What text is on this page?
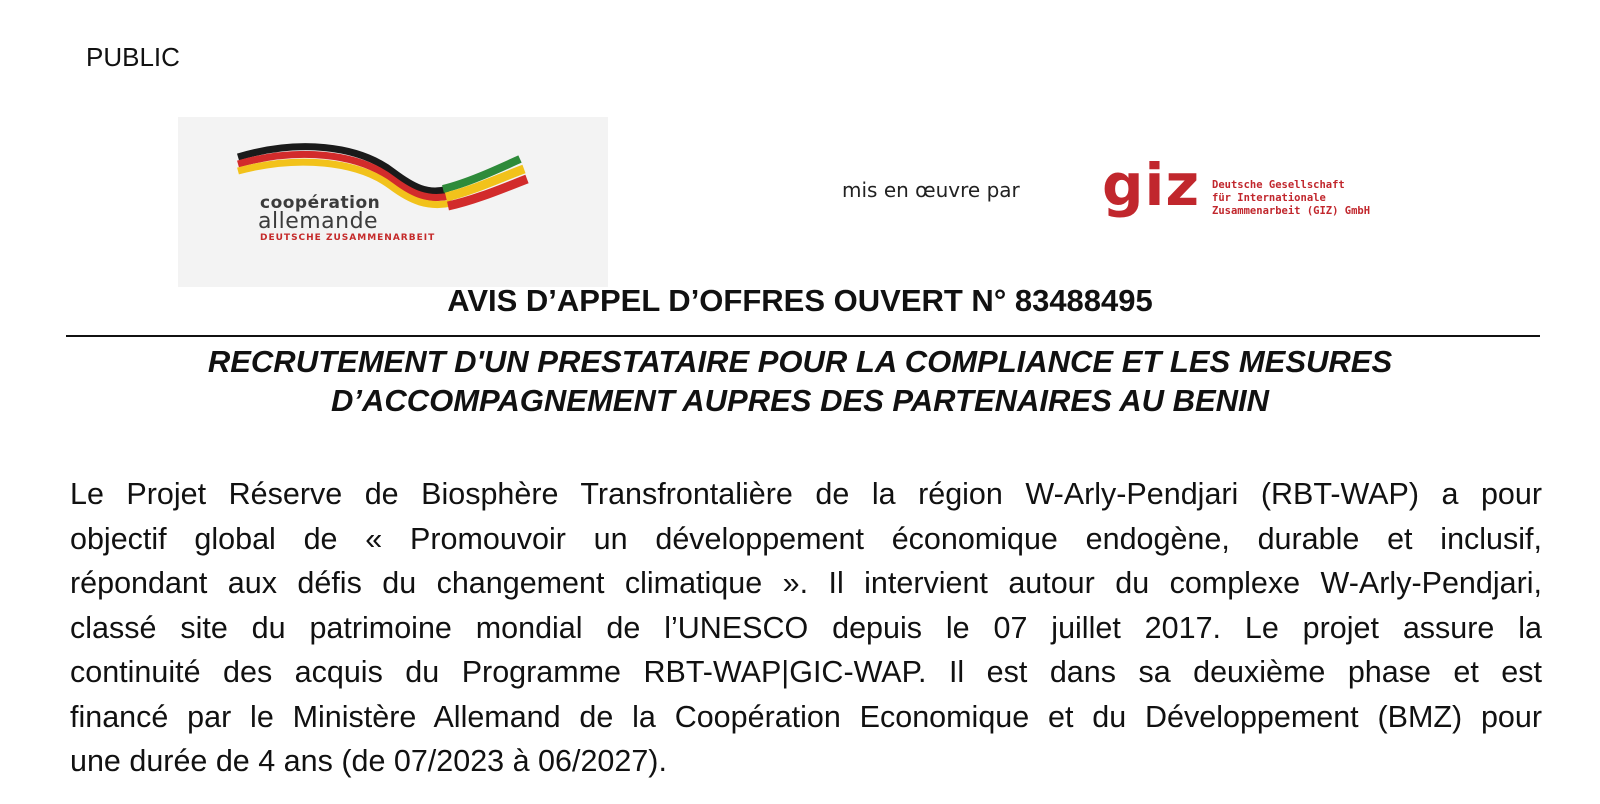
PUBLIC
coopération
allemande
DEUTSCHE ZUSAMMENARBEIT
mis en œuvre par giz Deutsche Gesellschaft
für Internationale
Zusammenarbeit (GIZ) GmbH
AVIS D’APPEL D’OFFRES OUVERT N° 83488495
RECRUTEMENT D'UN PRESTATAIRE POUR LA COMPLIANCE ET LES MESURES
D’ACCOMPAGNEMENT AUPRES DES PARTENAIRES AU BENIN
Le Projet Réserve de Biosphère Transfrontalière de la région W-Arly-Pendjari (RBT-WAP) a pour
objectif global de « Promouvoir un développement économique endogène, durable et inclusif,
répondant aux défis du changement climatique ». Il intervient autour du complexe W-Arly-Pendjari,
classé site du patrimoine mondial de l’UNESCO depuis le 07 juillet 2017. Le projet assure la
continuité des acquis du Programme RBT-WAP|GIC-WAP. Il est dans sa deuxième phase et est
financé par le Ministère Allemand de la Coopération Economique et du Développement (BMZ) pour
une durée de 4 ans (de 07/2023 à 06/2027).
